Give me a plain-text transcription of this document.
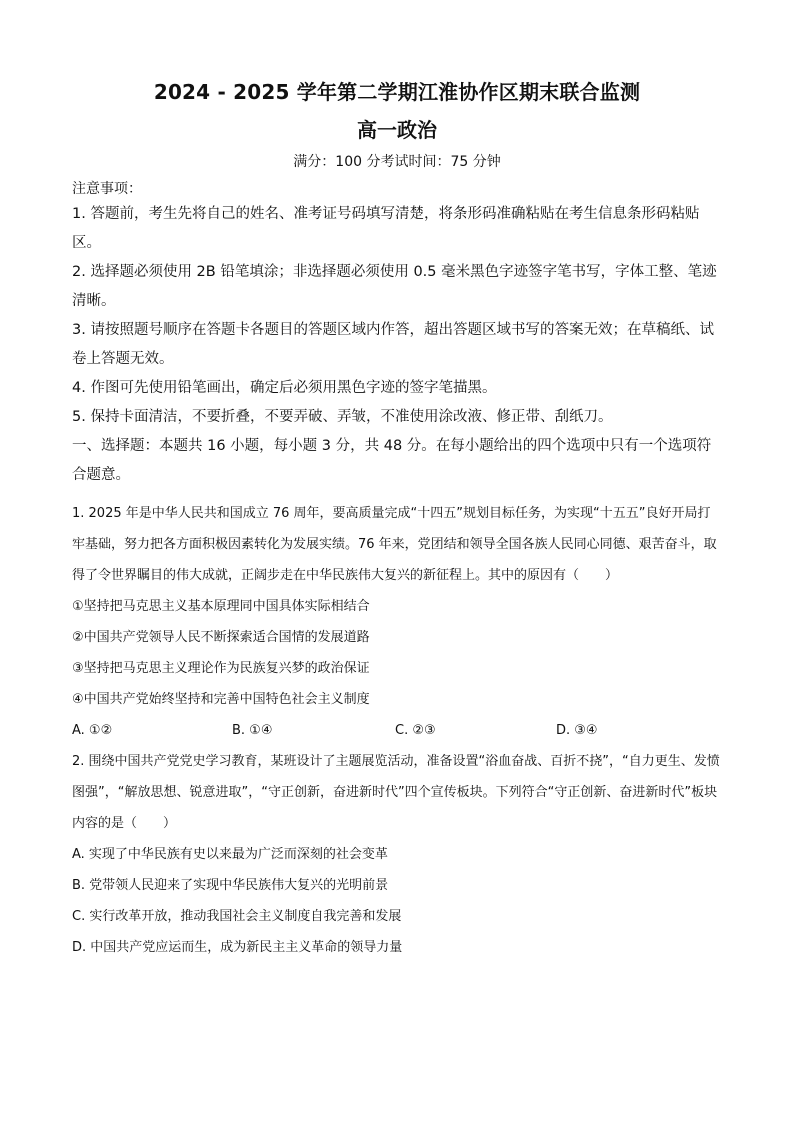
2024 - 2025 学年第二学期江淮协作区期末联合监测
高一政治
满分：100 分考试时间：75 分钟
注意事项：

1. 答题前，考生先将自己的姓名、准考证号码填写清楚，将条形码准确粘贴在考生信息条形码粘贴区。

2. 选择题必须使用 2B 铅笔填涂；非选择题必须使用 0.5 毫米黑色字迹签字笔书写，字体工整、笔迹清晰。

3. 请按照题号顺序在答题卡各题目的答题区域内作答，超出答题区域书写的答案无效；在草稿纸、试卷上答题无效。

4. 作图可先使用铅笔画出，确定后必须用黑色字迹的签字笔描黑。

5. 保持卡面清洁，不要折叠，不要弄破、弄皱，不准使用涂改液、修正带、刮纸刀。

一、选择题：本题共 16 小题，每小题 3 分，共 48 分。在每小题给出的四个选项中只有一个选项符合题意。

1. 2025 年是中华人民共和国成立 76 周年，要高质量完成“十四五”规划目标任务，为实现“十五五”良好开局打牢基础，努力把各方面积极因素转化为发展实绩。76 年来，党团结和领导全国各族人民同心同德、艰苦奋斗，取得了令世界瞩目的伟大成就，正阔步走在中华民族伟大复兴的新征程上。其中的原因有（　　）

①坚持把马克思主义基本原理同中国具体实际相结合

②中国共产党领导人民不断探索适合国情的发展道路

③坚持把马克思主义理论作为民族复兴梦的政治保证

④中国共产党始终坚持和完善中国特色社会主义制度

A. ①②	B. ①④	C. ②③	D. ③④

2. 围绕中国共产党党史学习教育，某班设计了主题展览活动，准备设置“浴血奋战、百折不挠”，“自力更生、发愤图强”，“解放思想、锐意进取”，“守正创新，奋进新时代”四个宣传板块。下列符合“守正创新、奋进新时代”板块内容的是（　　）

A. 实现了中华民族有史以来最为广泛而深刻的社会变革

B. 党带领人民迎来了实现中华民族伟大复兴的光明前景

C. 实行改革开放，推动我国社会主义制度自我完善和发展

D. 中国共产党应运而生，成为新民主主义革命的领导力量
